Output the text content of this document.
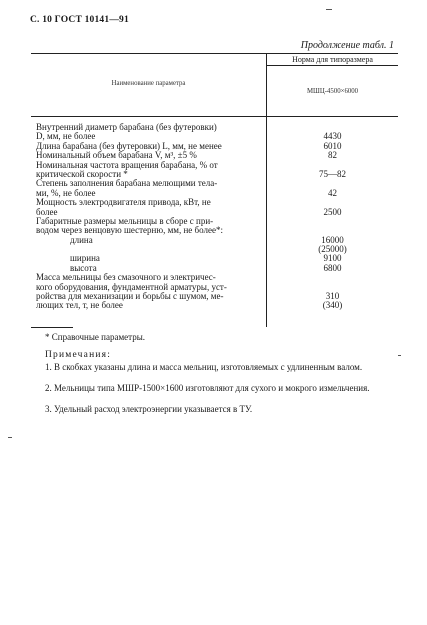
С. 10 ГОСТ 10141—91
Продолжение табл. 1
Наименование параметра
Норма для типоразмера
МШЦ-4500×6000
Внутренний диаметр барабана (без футеровки)
D, мм, не более
Длина барабана (без футеровки) L, мм, не менее
Номинальный объем барабана V, м³, ±5 %
Номинальная частота вращения барабана, % от
критической скорости *
Степень заполнения барабана мелющими тела-
ми, %, не более
Мощность электродвигателя привода, кВт, не
более
Габаритные размеры мельницы в сборе с при-
водом через венцовую шестерню, мм, не более*:
длина
ширина
высота
Масса мельницы без смазочного и электричес-
кого оборудования, фундаментной арматуры, уст-
ройства для механизации и борьбы с шумом, ме-
лющих тел, т, не более
4430
6010
82
75—82
42
2500
16000
(25000)
9100
6800
310
(340)
* Справочные параметры.
Примечания:
1. В скобках указаны длина и масса мельниц, изготовляемых с удлиненным валом.
2. Мельницы типа МШР-1500×1600 изготовляют для сухого и мокрого измельчения.
3. Удельный расход электроэнергии указывается в ТУ.
